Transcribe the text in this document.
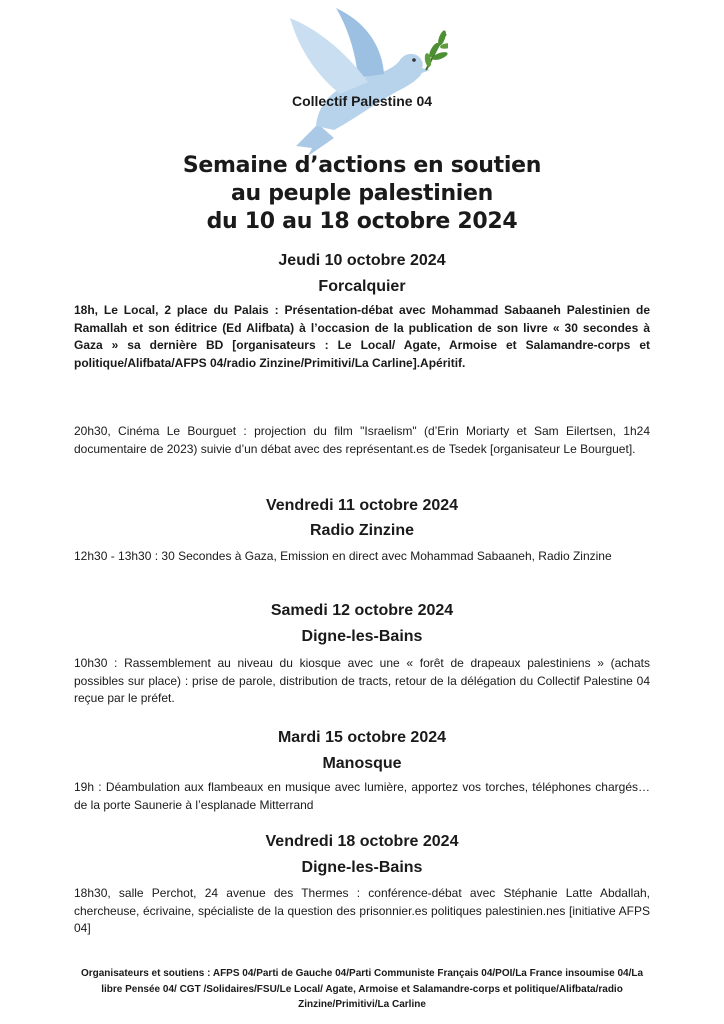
Collectif Palestine 04
Semaine d’actions en soutien
au peuple palestinien
du 10 au 18 octobre 2024
Jeudi 10 octobre 2024
Forcalquier
18h, Le Local, 2 place du Palais : Présentation-débat avec Mohammad Sabaaneh Palestinien de Ramallah et son éditrice (Ed Alifbata) à l’occasion de la publication de son livre « 30 secondes à Gaza » sa dernière BD [organisateurs : Le Local/ Agate, Armoise et Salamandre-corps et politique/Alifbata/AFPS 04/radio Zinzine/Primitivi/La Carline].Apéritif.
20h30, Cinéma Le Bourguet : projection du film "Israelism" (d’Erin Moriarty et Sam Eilertsen, 1h24 documentaire de 2023) suivie d’un débat avec des représentant.es de Tsedek [organisateur Le Bourguet].
Vendredi 11 octobre 2024
Radio Zinzine
12h30 - 13h30 : 30 Secondes à Gaza, Emission en direct avec Mohammad Sabaaneh, Radio Zinzine
Samedi 12 octobre 2024
Digne-les-Bains
10h30 : Rassemblement au niveau du kiosque avec une « forêt de drapeaux palestiniens » (achats possibles sur place) : prise de parole, distribution de tracts, retour de la délégation du Collectif Palestine 04 reçue par le préfet.
Mardi 15 octobre 2024
Manosque
19h : Déambulation aux flambeaux en musique avec lumière, apportez vos torches, téléphones chargés… de la porte Saunerie à l’esplanade Mitterrand
Vendredi 18 octobre 2024
Digne-les-Bains
18h30, salle Perchot, 24 avenue des Thermes : conférence-débat avec Stéphanie Latte Abdallah, chercheuse, écrivaine, spécialiste de la question des prisonnier.es politiques palestinien.nes [initiative AFPS 04]
Organisateurs et soutiens : AFPS 04/Parti de Gauche 04/Parti Communiste Français 04/POI/La France insoumise 04/La libre Pensée 04/ CGT /Solidaires/FSU/Le Local/ Agate, Armoise et Salamandre-corps et politique/Alifbata/radio Zinzine/Primitivi/La Carline
